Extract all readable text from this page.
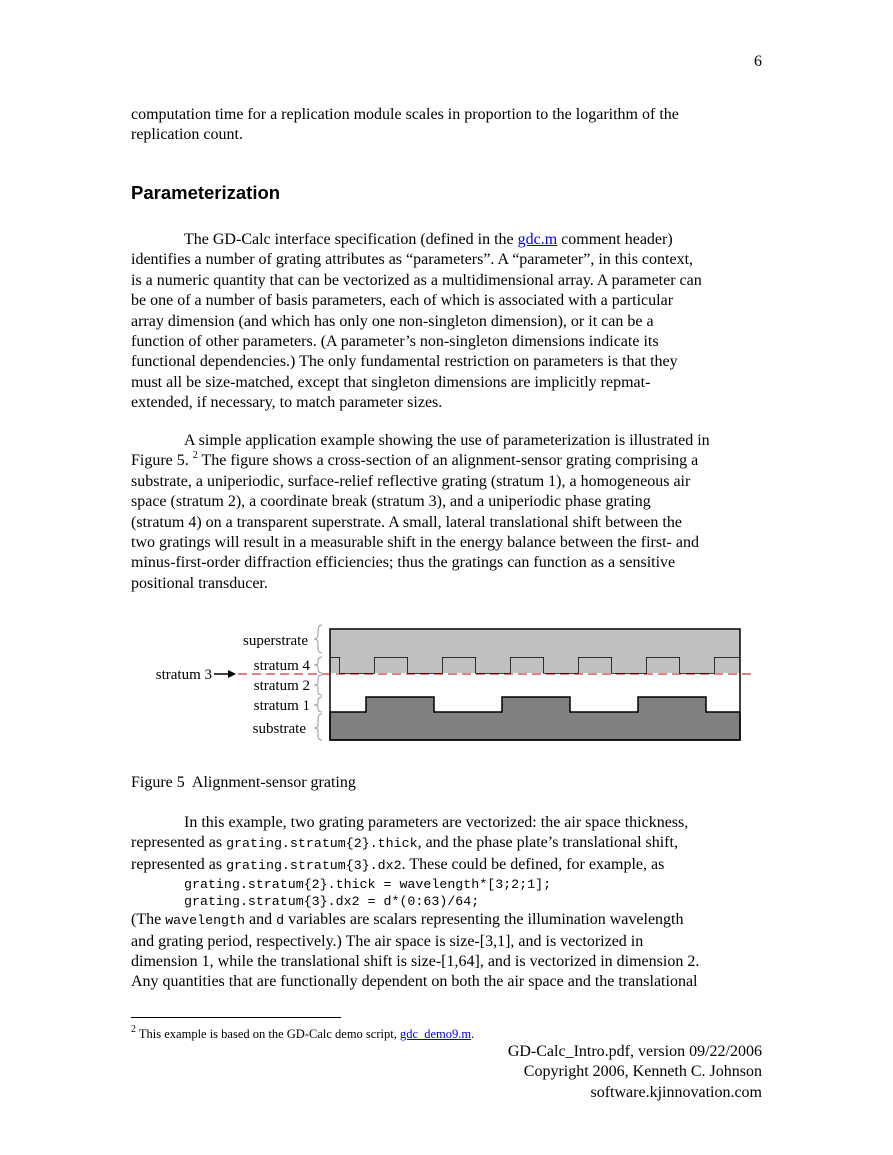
6
computation time for a replication module scales in proportion to the logarithm of the
replication count.
Parameterization
The GD-Calc interface specification (defined in the gdc.m comment header)
identifies a number of grating attributes as “parameters”. A “parameter”, in this context,
is a numeric quantity that can be vectorized as a multidimensional array. A parameter can
be one of a number of basis parameters, each of which is associated with a particular
array dimension (and which has only one non-singleton dimension), or it can be a
function of other parameters. (A parameter’s non-singleton dimensions indicate its
functional dependencies.) The only fundamental restriction on parameters is that they
must all be size-matched, except that singleton dimensions are implicitly repmat-
extended, if necessary, to match parameter sizes.
A simple application example showing the use of parameterization is illustrated in
Figure 5. $^2$ The figure shows a cross-section of an alignment-sensor grating comprising a
substrate, a uniperiodic, surface-relief reflective grating (stratum 1), a homogeneous air
space (stratum 2), a coordinate break (stratum 3), and a uniperiodic phase grating
(stratum 4) on a transparent superstrate. A small, lateral translational shift between the
two gratings will result in a measurable shift in the energy balance between the first- and
minus-first-order diffraction efficiencies; thus the gratings can function as a sensitive
positional transducer.
superstrate
stratum 4
stratum 3
stratum 2
stratum 1
substrate
Figure 5  Alignment-sensor grating
In this example, two grating parameters are vectorized: the air space thickness,
represented as grating.stratum{2}.thick, and the phase plate’s translational shift,
represented as grating.stratum{3}.dx2. These could be defined, for example, as
grating.stratum{2}.thick = wavelength*[3;2;1];
grating.stratum{3}.dx2 = d*(0:63)/64;
(The wavelength and d variables are scalars representing the illumination wavelength
and grating period, respectively.) The air space is size-[3,1], and is vectorized in
dimension 1, while the translational shift is size-[1,64], and is vectorized in dimension 2.
Any quantities that are functionally dependent on both the air space and the translational
$^2$ This example is based on the GD-Calc demo script, gdc_demo9.m.
GD-Calc_Intro.pdf, version 09/22/2006
Copyright 2006, Kenneth C. Johnson
software.kjinnovation.com
